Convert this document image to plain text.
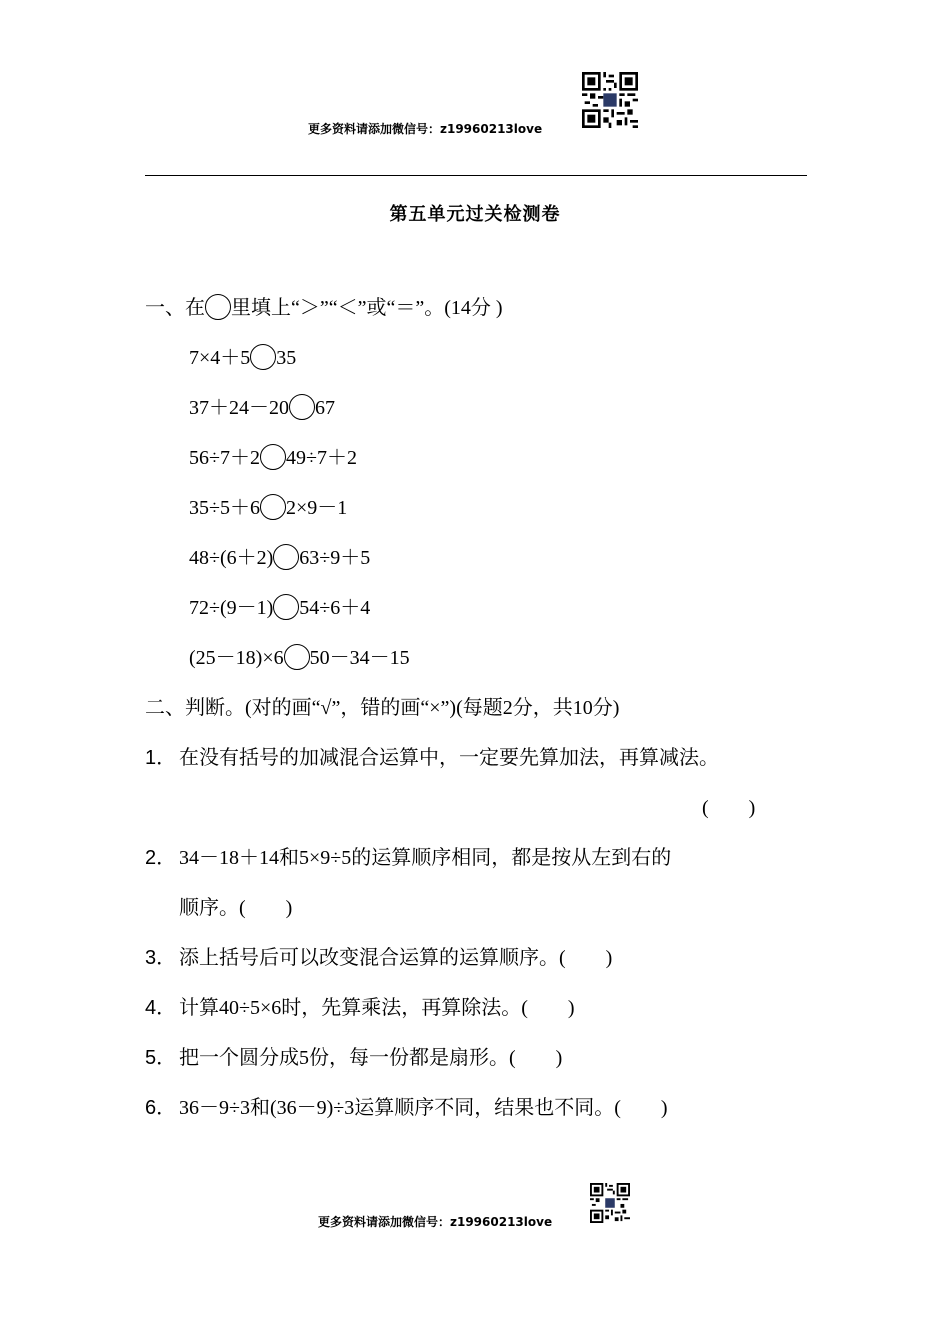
更多资料请添加微信号：z19960213love
第五单元过关检测卷
一、在 里填上“＞”“＜”或“＝”。(14分 )
7×4＋5 35
37＋24－20 67
56÷7＋2 49÷7＋2
35÷5＋6 2×9－1
48÷(6＋2) 63÷9＋5
72÷(9－1) 54÷6＋4
(25－18)×6 50－34－15
二、判断。(对的画“√”，错的画“×”)(每题2分，共10分)
1． 在没有括号的加减混合运算中，一定要先算加法，再算减法。
(　　)
2． 34－18＋14和5×9÷5的运算顺序相同，都是按从左到右的
顺序。(　　)
3． 添上括号后可以改变混合运算的运算顺序。(　　)
4． 计算40÷5×6时，先算乘法，再算除法。(　　)
5． 把一个圆分成5份，每一份都是扇形。(　　)
6． 36－9÷3和(36－9)÷3运算顺序不同，结果也不同。(　　)
更多资料请添加微信号：z19960213love
